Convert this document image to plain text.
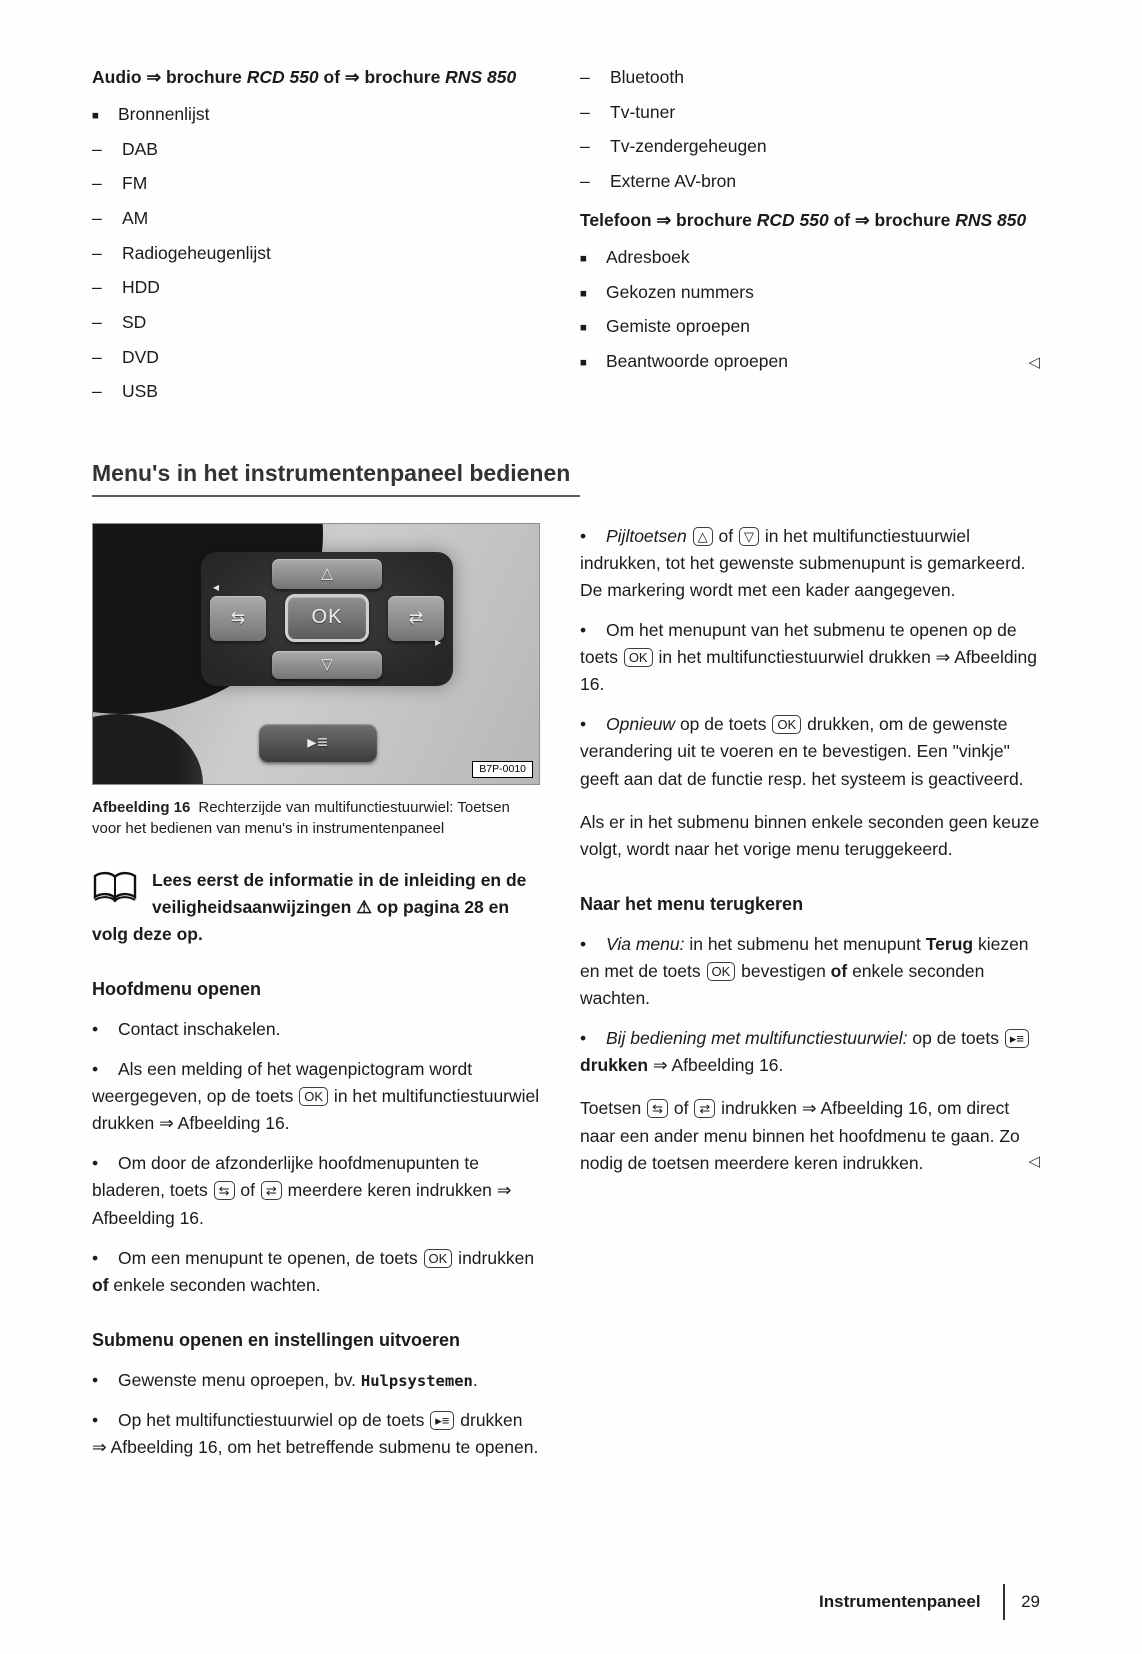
Audio ⇒ brochure RCD 550 of ⇒ brochure RNS 850

■	Bronnenlijst
–	DAB
–	FM
–	AM
–	Radiogeheugenlijst
–	HDD
–	SD
–	DVD
–	USB
–	Bluetooth
–	Tv-tuner
–	Tv-zendergeheugen
–	Externe AV-bron

Telefoon ⇒ brochure RCD 550 of ⇒ brochure RNS 850

■	Adresboek
■	Gekozen nummers
■	Gemiste oproepen
■	Beantwoorde oproepen	◁
Menu's in het instrumentenpaneel bedienen
△
⇆	OK	⇄
▽
◂
▸
▸≡
B7P-0010

Afbeelding 16 Rechterzijde van multifunctiestuurwiel: Toetsen voor het bedienen van menu's in instrumentenpaneel

Lees eerst de informatie in de inleiding en de veiligheidsaanwijzingen ⚠ op pagina 28 en volg deze op.

Hoofdmenu openen

• Contact inschakelen.

• Als een melding of het wagenpictogram wordt weergegeven, op de toets OK in het multifunctiestuurwiel drukken ⇒ Afbeelding 16.

• Om door de afzonderlijke hoofdmenupunten te bladeren, toets ⇆ of ⇄ meerdere keren indrukken ⇒ Afbeelding 16.

• Om een menupunt te openen, de toets OK indrukken of enkele seconden wachten.

Submenu openen en instellingen uitvoeren

• Gewenste menu oproepen, bv. Hulpsystemen.

• Op het multifunctiestuurwiel op de toets ▸≡ drukken ⇒ Afbeelding 16, om het betreffende submenu te openen.

• Pijltoetsen △ of ▽ in het multifunctiestuurwiel indrukken, tot het gewenste submenupunt is gemarkeerd. De markering wordt met een kader aangegeven.

• Om het menupunt van het submenu te openen op de toets OK in het multifunctiestuurwiel drukken ⇒ Afbeelding 16.

• Opnieuw op de toets OK drukken, om de gewenste verandering uit te voeren en te bevestigen. Een "vinkje" geeft aan dat de functie resp. het systeem is geactiveerd.

Als er in het submenu binnen enkele seconden geen keuze volgt, wordt naar het vorige menu teruggekeerd.

Naar het menu terugkeren

• Via menu: in het submenu het menupunt Terug kiezen en met de toets OK bevestigen of enkele seconden wachten.

• Bij bediening met multifunctiestuurwiel: op de toets ▸≡ drukken ⇒ Afbeelding 16.

Toetsen ⇆ of ⇄ indrukken ⇒ Afbeelding 16, om direct naar een ander menu binnen het hoofdmenu te gaan. Zo nodig de toetsen meerdere keren indrukken.	◁
Instrumentenpaneel 29
